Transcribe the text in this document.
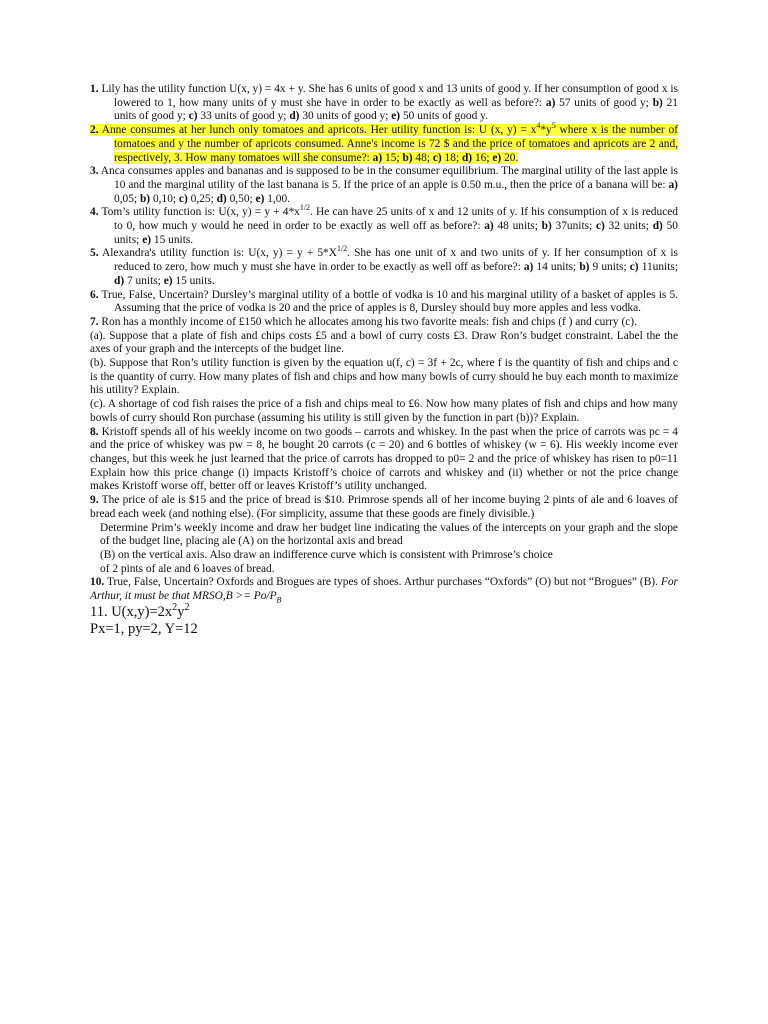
1. Lily has the utility function U(x, y) = 4x + y. She has 6 units of good x and 13 units of good y. If her consumption of good x is lowered to 1, how many units of y must she have in order to be exactly as well as before?: a) 57 units of good y; b) 21 units of good y; c) 33 units of good y; d) 30 units of good y; e) 50 units of good y.

2. Anne consumes at her lunch only tomatoes and apricots. Her utility function is: U (x, $y) = x^4*y^5$ where x is the number of tomatoes and y the number of apricots consumed. Anne's income is 72 $ and the price of tomatoes and apricots are 2 and, respectively, 3. How many tomatoes will she consume?: a) 15; b) 48; c) 18; d) 16; e) 20.

3. Anca consumes apples and bananas and is supposed to be in the consumer equilibrium. The marginal utility of the last apple is 10 and the marginal utility of the last banana is 5. If the price of an apple is 0.50 m.u., then the price of a banana will be: a) 0,05; b) 0,10; c) 0,25; d) 0,50; e) 1,00.

4. Tom’s utility function is: U(x, $y) = y + 4*x^{1/2}$. He can have 25 units of x and 12 units of y. If his consumption of x is reduced to 0, how much y would he need in order to be exactly as well off as before?: a) 48 units; b) 37units; c) 32 units; d) 50 units; e) 15 units.

5. Alexandra's utility function is: U(x, $y) = y + 5*X^{1/2}$. She has one unit of x and two units of y. If her consumption of x is reduced to zero, how much y must she have in order to be exactly as well off as before?: a) 14 units; b) 9 units; c) 11units; d) 7 units; e) 15 units.

6. True, False, Uncertain? Dursley’s marginal utility of a bottle of vodka is 10 and his marginal utility of a basket of apples is 5. Assuming that the price of vodka is 20 and the price of apples is 8, Dursley should buy more apples and less vodka.

7. Ron has a monthly income of £150 which he allocates among his two favorite meals: fish and chips (f ) and curry (c).

(a). Suppose that a plate of fish and chips costs £5 and a bowl of curry costs £3. Draw Ron’s budget constraint. Label the the axes of your graph and the intercepts of the budget line.

(b). Suppose that Ron’s utility function is given by the equation u(f, c) = 3f + 2c, where f is the quantity of fish and chips and c is the quantity of curry. How many plates of fish and chips and how many bowls of curry should he buy each month to maximize his utility? Explain.

(c). A shortage of cod fish raises the price of a fish and chips meal to £6. Now how many plates of fish and chips and how many bowls of curry should Ron purchase (assuming his utility is still given by the function in part (b))? Explain.

8. Kristoff spends all of his weekly income on two goods – carrots and whiskey. In the past when the price of carrots was pc = 4 and the price of whiskey was pw = 8, he bought 20 carrots (c = 20) and 6 bottles of whiskey (w = 6). His weekly income ever changes, but this week he just learned that the price of carrots has dropped to p0= 2 and the price of whiskey has risen to p0=11 Explain how this price change (i) impacts Kristoff’s choice of carrots and whiskey and (ii) whether or not the price change makes Kristoff worse off, better off or leaves Kristoff’s utility unchanged.

9. The price of ale is $15 and the price of bread is $10. Primrose spends all of her income buying 2 pints of ale and 6 loaves of bread each week (and nothing else). (For simplicity, assume that these goods are finely divisible.)

Determine Prim’s weekly income and draw her budget line indicating the values of the intercepts on your graph and the slope of the budget line, placing ale (A) on the horizontal axis and bread

(B) on the vertical axis. Also draw an indifference curve which is consistent with Primrose’s choice

of 2 pints of ale and 6 loaves of bread.

10. True, False, Uncertain? Oxfords and Brogues are types of shoes. Arthur purchases “Oxfords” (O) but not “Brogues” (B). For Arthur, it must be that MRSO,B >= $Po/P_B$

11. $U(x,y)=2x^2y^2$

Px=1, py=2, Y=12
